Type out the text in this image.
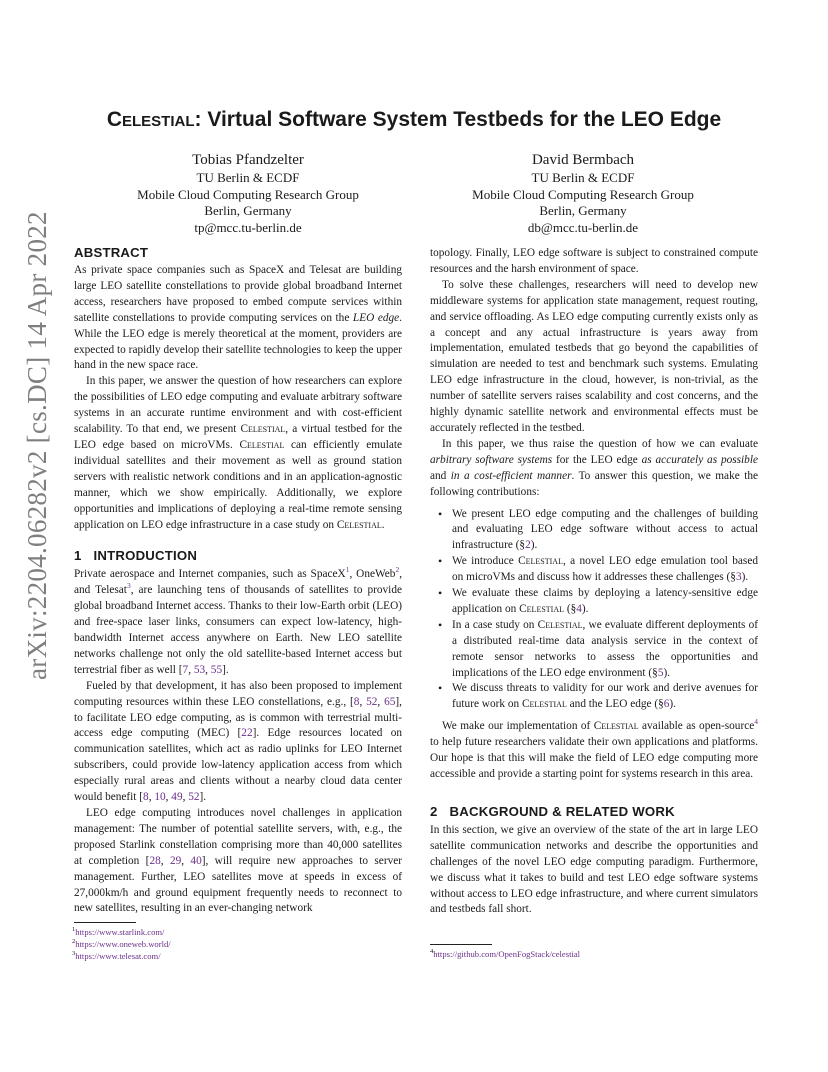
arXiv:2204.06282v2 [cs.DC] 14 Apr 2022
Celestial: Virtual Software System Testbeds for the LEO Edge
Tobias Pfandzelter
TU Berlin & ECDF
Mobile Cloud Computing Research Group
Berlin, Germany
tp@mcc.tu-berlin.de
David Bermbach
TU Berlin & ECDF
Mobile Cloud Computing Research Group
Berlin, Germany
db@mcc.tu-berlin.de
ABSTRACT

As private space companies such as SpaceX and Telesat are building large LEO satellite constellations to provide global broadband Internet access, researchers have proposed to embed compute services within satellite constellations to provide computing services on the LEO edge. While the LEO edge is merely theoretical at the moment, providers are expected to rapidly develop their satellite technologies to keep the upper hand in the new space race.

In this paper, we answer the question of how researchers can explore the possibilities of LEO edge computing and evaluate arbitrary software systems in an accurate runtime environment and with cost-efficient scalability. To that end, we present Celestial, a virtual testbed for the LEO edge based on microVMs. Celestial can efficiently emulate individual satellites and their movement as well as ground station servers with realistic network conditions and in an application-agnostic manner, which we show empirically. Additionally, we explore opportunities and implications of deploying a real-time remote sensing application on LEO edge infrastructure in a case study on Celestial.

1 INTRODUCTION

Private aerospace and Internet companies, such as SpaceX$^1$, OneWeb$^2$, and Telesat$^3$, are launching tens of thousands of satellites to provide global broadband Internet access. Thanks to their low-Earth orbit (LEO) and free-space laser links, consumers can expect low-latency, high-bandwidth Internet access anywhere on Earth. New LEO satellite networks challenge not only the old satellite-based Internet access but terrestrial fiber as well [7, 53, 55].

Fueled by that development, it has also been proposed to implement computing resources within these LEO constellations, e.g., [8, 52, 65], to facilitate LEO edge computing, as is common with terrestrial multi-access edge computing (MEC) [22]. Edge resources located on communication satellites, which act as radio uplinks for LEO Internet subscribers, could provide low-latency application access from which especially rural areas and clients without a nearby cloud data center would benefit [8, 10, 49, 52].

LEO edge computing introduces novel challenges in application management: The number of potential satellite servers, with, e.g., the proposed Starlink constellation comprising more than 40,000 satellites at completion [28, 29, 40], will require new approaches to server management. Further, LEO satellites move at speeds in excess of 27,000km/h and ground equipment frequently needs to reconnect to new satellites, resulting in an ever-changing network

topology. Finally, LEO edge software is subject to constrained compute resources and the harsh environment of space.

To solve these challenges, researchers will need to develop new middleware systems for application state management, request routing, and service offloading. As LEO edge computing currently exists only as a concept and any actual infrastructure is years away from implementation, emulated testbeds that go beyond the capabilities of simulation are needed to test and benchmark such systems. Emulating LEO edge infrastructure in the cloud, however, is non-trivial, as the number of satellite servers raises scalability and cost concerns, and the highly dynamic satellite network and environmental effects must be accurately reflected in the testbed.

In this paper, we thus raise the question of how we can evaluate arbitrary software systems for the LEO edge as accurately as possible and in a cost-efficient manner. To answer this question, we make the following contributions:

• We present LEO edge computing and the challenges of building and evaluating LEO edge software without access to actual infrastructure (§2).
• We introduce Celestial, a novel LEO edge emulation tool based on microVMs and discuss how it addresses these challenges (§3).
• We evaluate these claims by deploying a latency-sensitive edge application on Celestial (§4).
• In a case study on Celestial, we evaluate different deployments of a distributed real-time data analysis service in the context of remote sensor networks to assess the opportunities and implications of the LEO edge environment (§5).
• We discuss threats to validity for our work and derive avenues for future work on Celestial and the LEO edge (§6).

We make our implementation of Celestial available as open-source$^4$ to help future researchers validate their own applications and platforms. Our hope is that this will make the field of LEO edge computing more accessible and provide a starting point for systems research in this area.

2 BACKGROUND & RELATED WORK

In this section, we give an overview of the state of the art in large LEO satellite communication networks and describe the opportunities and challenges of the novel LEO edge computing paradigm. Furthermore, we discuss what it takes to build and test LEO edge software systems without access to LEO edge infrastructure, and where current simulators and testbeds fall short.

$^1$https://www.starlink.com/
$^2$https://www.oneweb.world/
$^3$https://www.telesat.com/	$^4$https://github.com/OpenFogStack/celestial
